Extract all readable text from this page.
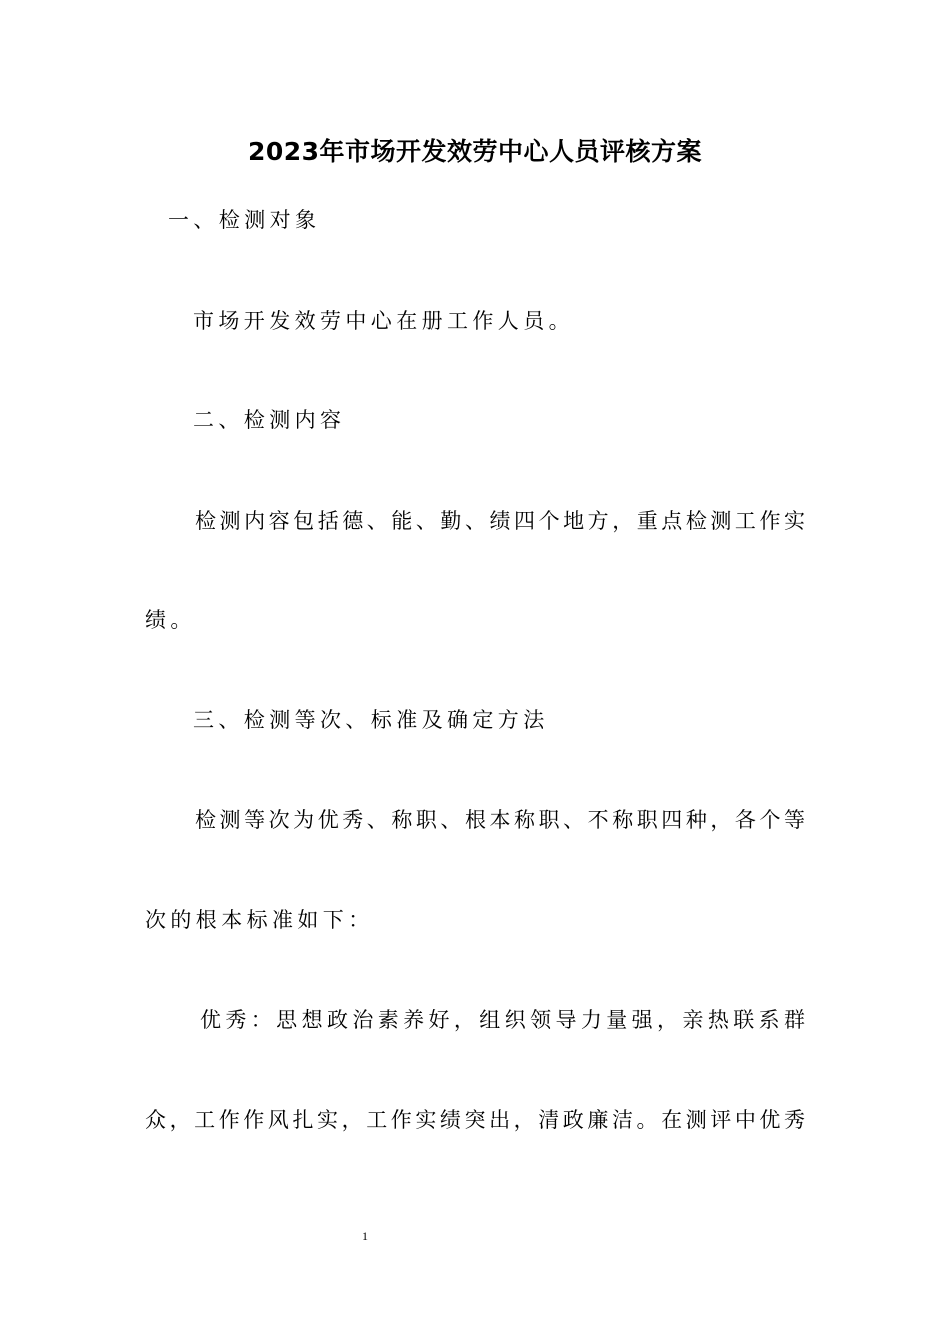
2023年市场开发效劳中心人员评核方案
一、检测对象
市场开发效劳中心在册工作人员。
二、检测内容
检测内容包括德、能、勤、绩四个地方，重点检测工作实
绩。
三、检测等次、标准及确定方法
检测等次为优秀、称职、根本称职、不称职四种，各个等
次的根本标准如下：
优秀：思想政治素养好，组织领导力量强，亲热联系群
众，工作作风扎实，工作实绩突出，清政廉洁。在测评中优秀
1
